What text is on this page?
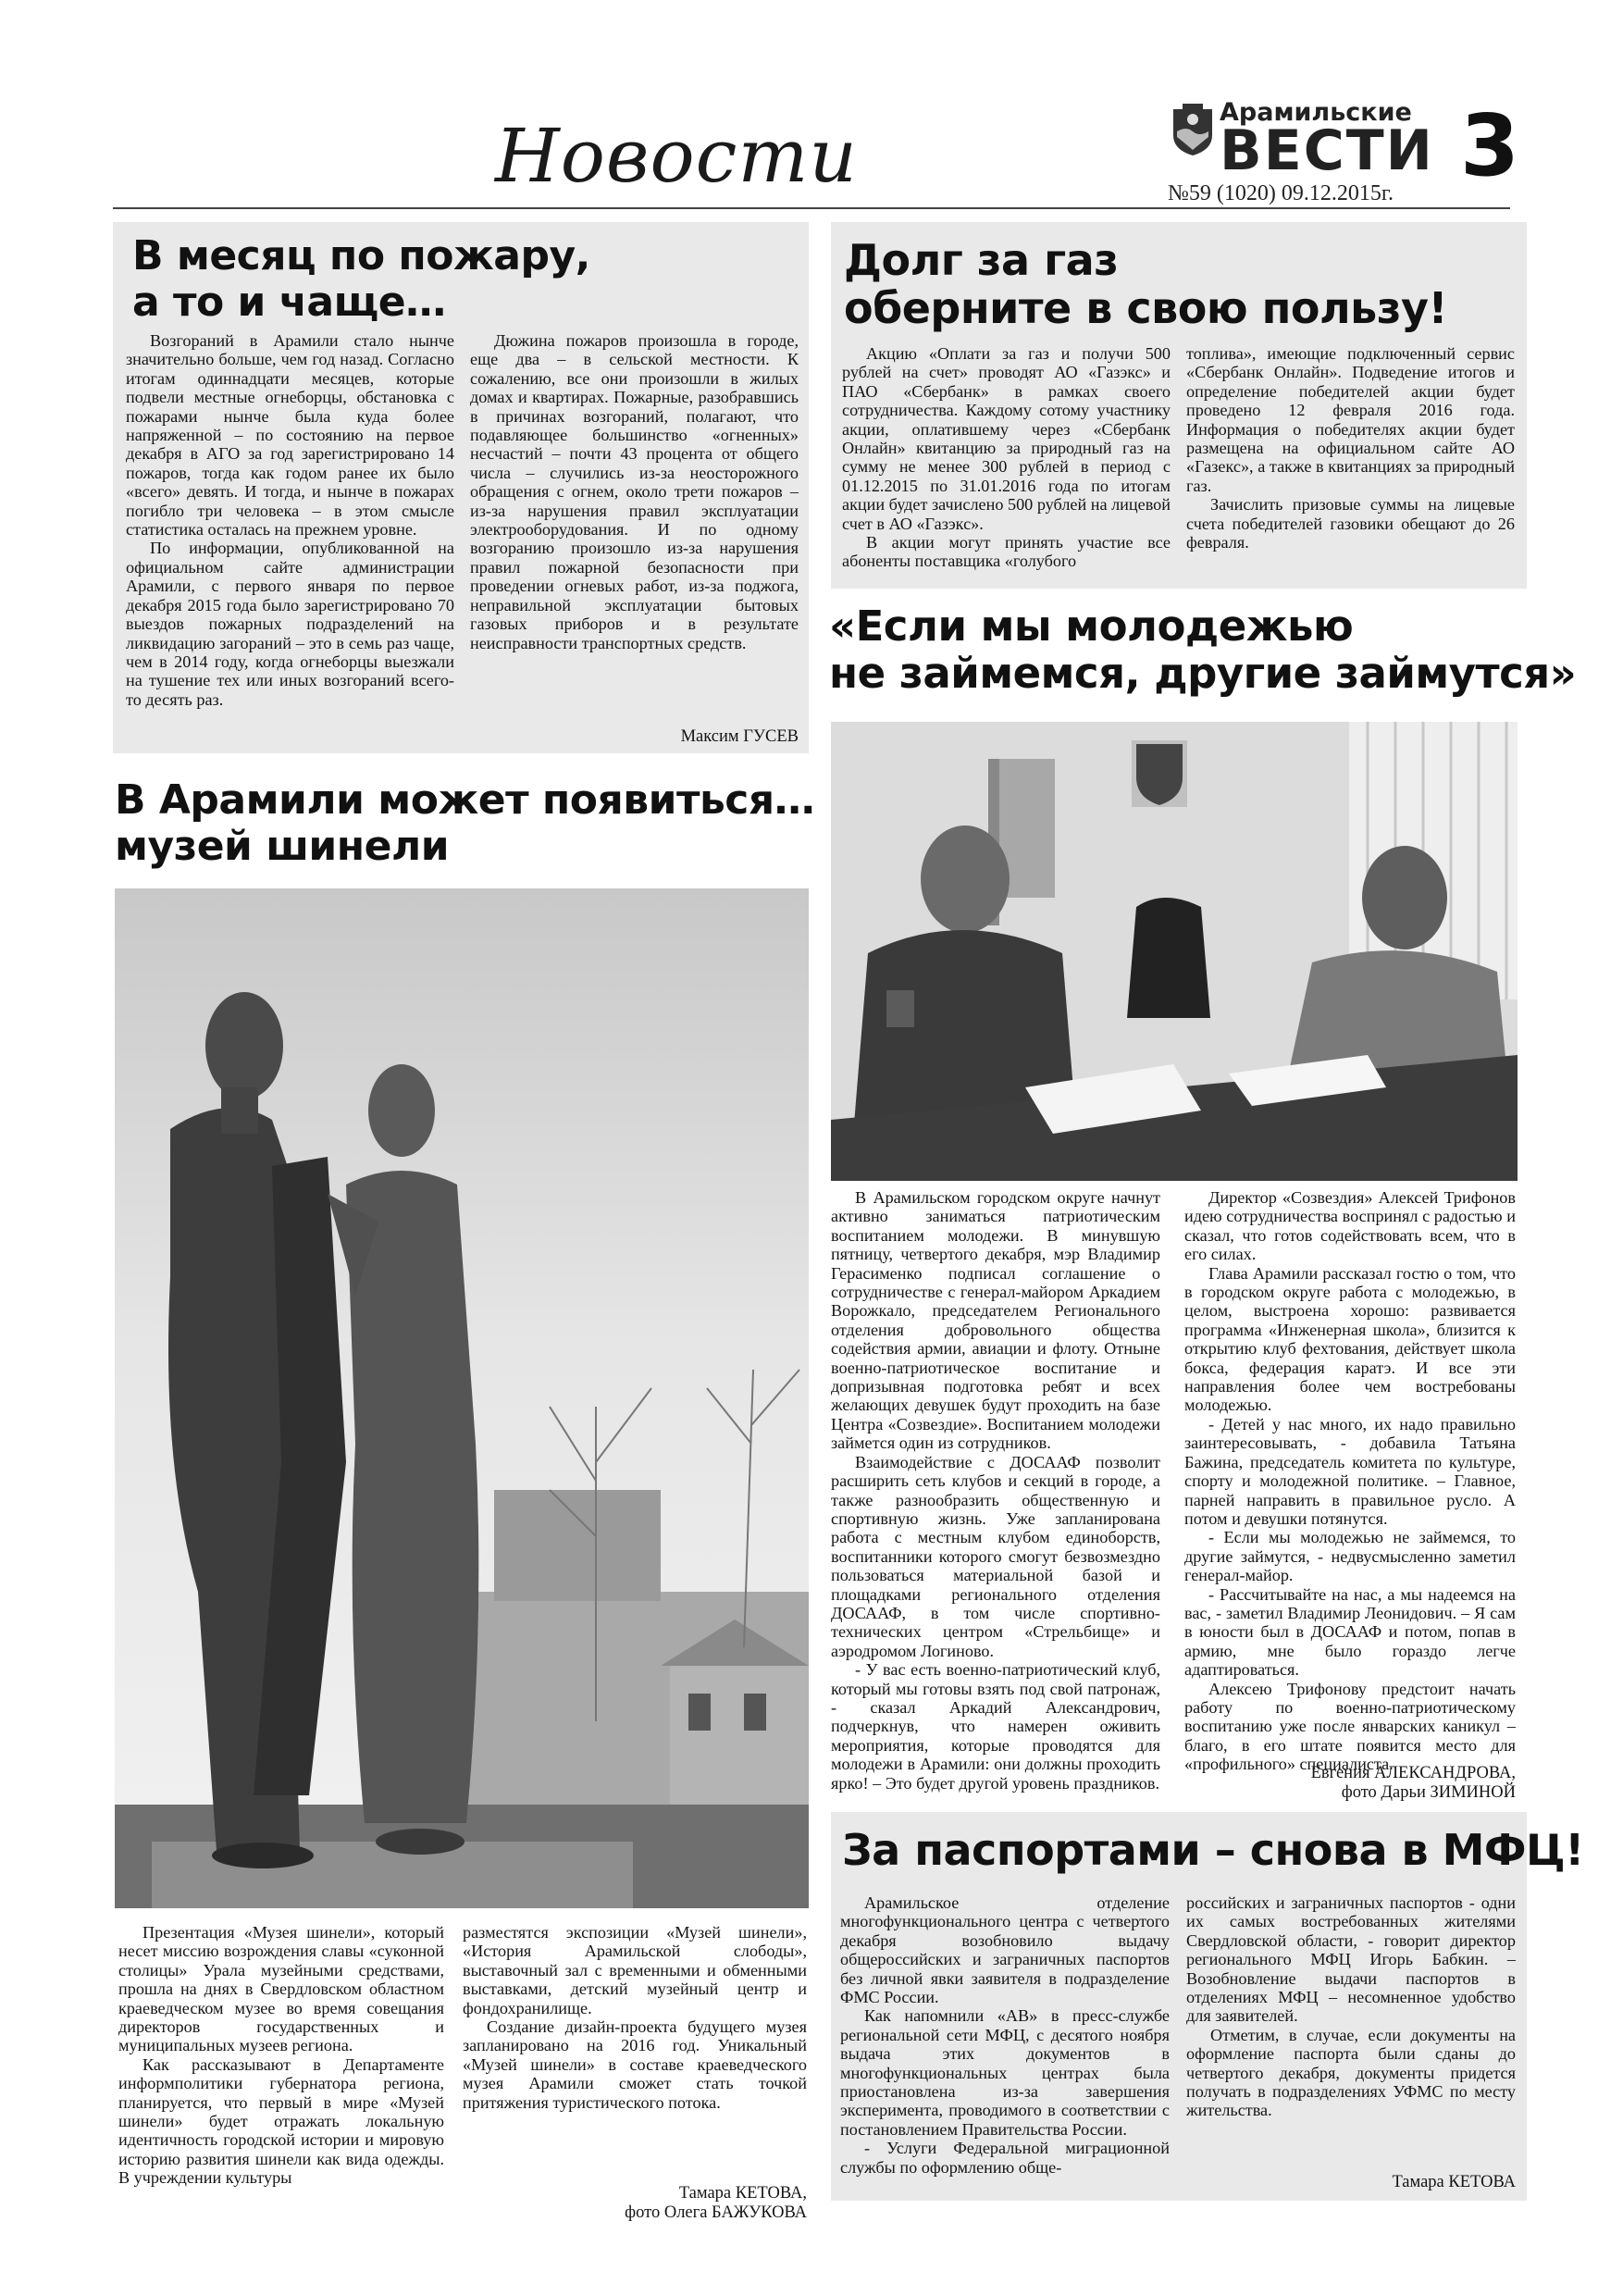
Новости
Арамильские
ВЕСТИ 3
№59 (1020) 09.12.2015г.
В месяц по пожару,
а то и чаще…

Возгораний в Арамили стало нынче значительно больше, чем год назад. Согласно итогам одиннадцати месяцев, которые подвели местные огнеборцы, обстановка с пожарами нынче была куда более напряженной – по состоянию на первое декабря в АГО за год зарегистрировано 14 пожаров, тогда как годом ранее их было «всего» девять. И тогда, и нынче в пожарах погибло три человека – в этом смысле статистика осталась на прежнем уровне.

По информации, опубликованной на официальном сайте администрации Арамили, с первого января по первое декабря 2015 года было зарегистрировано 70 выездов пожарных подразделений на ликвидацию загораний – это в семь раз чаще, чем в 2014 году, когда огнеборцы выезжали на тушение тех или иных возгораний всего-то десять раз.

Дюжина пожаров произошла в городе, еще два – в сельской местности. К сожалению, все они произошли в жилых домах и квартирах. Пожарные, разобравшись в причинах возгораний, полагают, что подавляющее большинство «огненных» несчастий – почти 43 процента от общего числа – случились из-за неосторожного обращения с огнем, около трети пожаров – из-за нарушения правил эксплуатации электрооборудования. И по одному возгоранию произошло из-за нарушения правил пожарной безопасности при проведении огневых работ, из-за поджога, неправильной эксплуатации бытовых газовых приборов и в результате неисправности транспортных средств.

Максим ГУСЕВ
Долг за газ
оберните в свою пользу!

Акцию «Оплати за газ и получи 500 рублей на счет» проводят АО «Газэкс» и ПАО «Сбербанк» в рамках своего сотрудничества. Каждому сотому участнику акции, оплатившему через «Сбербанк Онлайн» квитанцию за природный газ на сумму не менее 300 рублей в период с 01.12.2015 по 31.01.2016 года по итогам акции будет зачислено 500 рублей на лицевой счет в АО «Газэкс».

В акции могут принять участие все абоненты поставщика «голубого

топлива», имеющие подключенный сервис «Сбербанк Онлайн». Подведение итогов и определение победителей акции будет проведено 12 февраля 2016 года. Информация о победителях акции будет размещена на официальном сайте АО «Газекс», а также в квитанциях за природный газ.

Зачислить призовые суммы на лицевые счета победителей газовики обещают до 26 февраля.

В Арамили может появиться…
музей шинели

Презентация «Музея шинели», который несет миссию возрождения славы «суконной столицы» Урала музейными средствами, прошла на днях в Свердловском областном краеведческом музее во время совещания директоров государственных и муниципальных музеев региона.

Как рассказывают в Департаменте информполитики губернатора региона, планируется, что первый в мире «Музей шинели» будет отражать локальную идентичность городской истории и мировую историю развития шинели как вида одежды. В учреждении культуры

разместятся экспозиции «Музей шинели», «История Арамильской слободы», выставочный зал с временными и обменными выставками, детский музейный центр и фондохранилище.

Создание дизайн-проекта будущего музея запланировано на 2016 год. Уникальный «Музей шинели» в составе краеведческого музея Арамили сможет стать точкой притяжения туристического потока.

Тамара КЕТОВА,
фото Олега БАЖУКОВА
«Если мы молодежью
не займемся, другие займутся»

В Арамильском городском округе начнут активно заниматься патриотическим воспитанием молодежи. В минувшую пятницу, четвертого декабря, мэр Владимир Герасименко подписал соглашение о сотрудничестве с генерал-майором Аркадием Ворожкало, председателем Регионального отделения добровольного общества содействия армии, авиации и флоту. Отныне военно-патриотическое воспитание и допризывная подготовка ребят и всех желающих девушек будут проходить на базе Центра «Созвездие». Воспитанием молодежи займется один из сотрудников.

Взаимодействие с ДОСААФ позволит расширить сеть клубов и секций в городе, а также разнообразить общественную и спортивную жизнь. Уже запланирована работа с местным клубом единоборств, воспитанники которого смогут безвозмездно пользоваться материальной базой и площадками регионального отделения ДОСААФ, в том числе спортивно-технических центром «Стрельбище» и аэродромом Логиново.

- У вас есть военно-патриотический клуб, который мы готовы взять под свой патронаж, - сказал Аркадий Александрович, подчеркнув, что намерен оживить мероприятия, которые проводятся для молодежи в Арамили: они должны проходить ярко! – Это будет другой уровень праздников.

Директор «Созвездия» Алексей Трифонов идею сотрудничества воспринял с радостью и сказал, что готов содействовать всем, что в его силах.

Глава Арамили рассказал гостю о том, что в городском округе работа с молодежью, в целом, выстроена хорошо: развивается программа «Инженерная школа», близится к открытию клуб фехтования, действует школа бокса, федерация каратэ. И все эти направления более чем востребованы молодежью.

- Детей у нас много, их надо правильно заинтересовывать, - добавила Татьяна Бажина, председатель комитета по культуре, спорту и молодежной политике. – Главное, парней направить в правильное русло. А потом и девушки потянутся.

- Если мы молодежью не займемся, то другие займутся, - недвусмысленно заметил генерал-майор.

- Рассчитывайте на нас, а мы надеемся на вас, - заметил Владимир Леонидович. – Я сам в юности был в ДОСААФ и потом, попав в армию, мне было гораздо легче адаптироваться.

Алексею Трифонову предстоит начать работу по военно-патриотическому воспитанию уже после январских каникул – благо, в его штате появится место для «профильного» специалиста.

Евгения АЛЕКСАНДРОВА,
фото Дарьи ЗИМИНОЙ
За паспортами – снова в МФЦ!

Арамильское отделение многофункционального центра с четвертого декабря возобновило выдачу общероссийских и заграничных паспортов без личной явки заявителя в подразделение ФМС России.

Как напомнили «АВ» в пресс-службе региональной сети МФЦ, с десятого ноября выдача этих документов в многофункциональных центрах была приостановлена из-за завершения эксперимента, проводимого в соответствии с постановлением Правительства России.

- Услуги Федеральной миграционной службы по оформлению обще-

российских и заграничных паспортов - одни их самых востребованных жителями Свердловской области, - говорит директор регионального МФЦ Игорь Бабкин. – Возобновление выдачи паспортов в отделениях МФЦ – несомненное удобство для заявителей.

Отметим, в случае, если документы на оформление паспорта были сданы до четвертого декабря, документы придется получать в подразделениях УФМС по месту жительства.

Тамара КЕТОВА
